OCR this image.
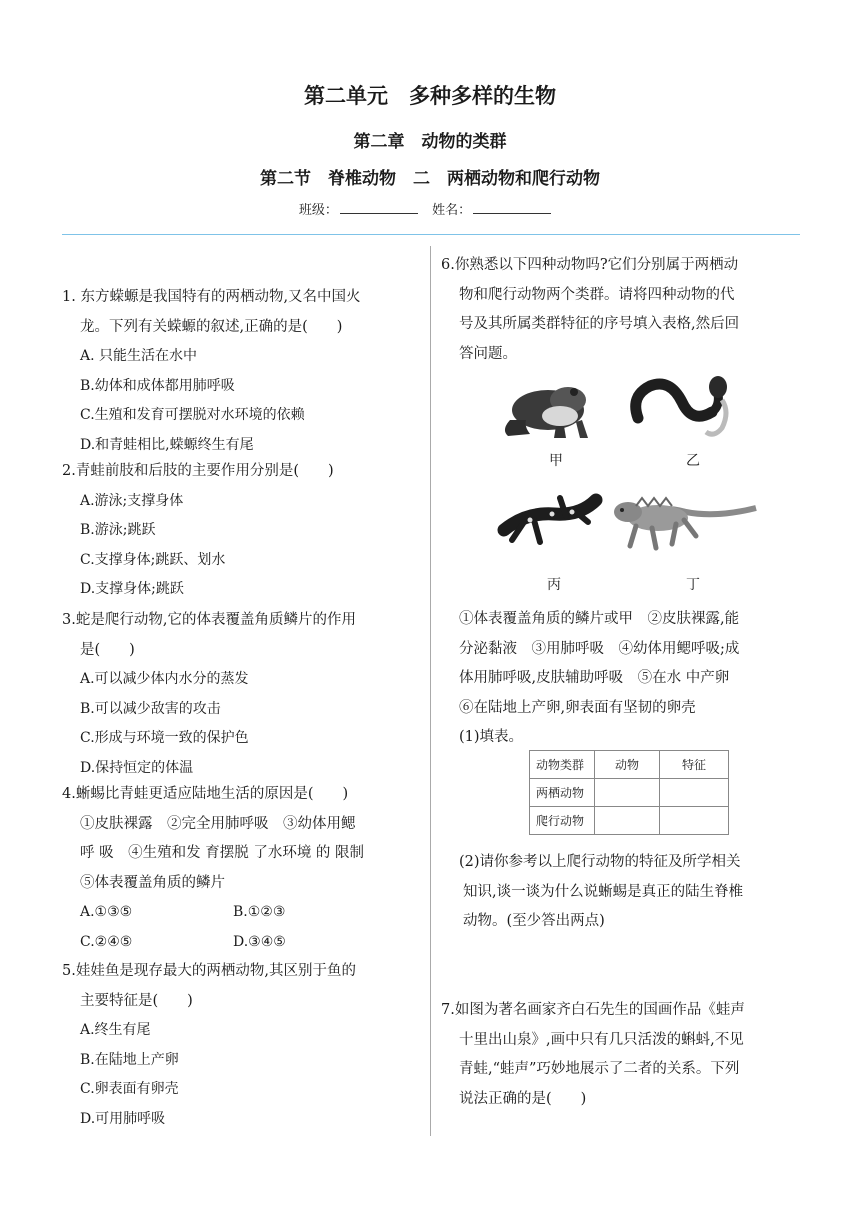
第二单元　多种多样的生物
第二章　动物的类群
第二节　脊椎动物　二　两栖动物和爬行动物
班级：	姓名：
1. 东方蝾螈是我国特有的两栖动物,又名中国火
龙。下列有关蝾螈的叙述,正确的是(　　)
A. 只能生活在水中
B.幼体和成体都用肺呼吸
C.生殖和发育可摆脱对水环境的依赖
D.和青蛙相比,蝾螈终生有尾
2.青蛙前肢和后肢的主要作用分别是(　　)
A.游泳;支撑身体
B.游泳;跳跃
C.支撑身体;跳跃、划水
D.支撑身体;跳跃
3.蛇是爬行动物,它的体表覆盖角质鳞片的作用
是(　　)
A.可以减少体内水分的蒸发
B.可以减少敌害的攻击
C.形成与环境一致的保护色
D.保持恒定的体温
4.蜥蜴比青蛙更适应陆地生活的原因是(　　)
①皮肤裸露　②完全用肺呼吸　③幼体用鳃
呼 吸　④生殖和发 育摆脱 了水环境 的 限制
⑤体表覆盖角质的鳞片
A.①③⑤	B.①②③
C.②④⑤	D.③④⑤
5.娃娃鱼是现存最大的两栖动物,其区别于鱼的
主要特征是(　　)
A.终生有尾
B.在陆地上产卵
C.卵表面有卵壳
D.可用肺呼吸
6.你熟悉以下四种动物吗?它们分别属于两栖动
物和爬行动物两个类群。请将四种动物的代
号及其所属类群特征的序号填入表格,然后回
答问题。
甲	乙
丙	丁
①体表覆盖角质的鳞片或甲　②皮肤裸露,能
分泌黏液　③用肺呼吸　④幼体用鳃呼吸;成
体用肺呼吸,皮肤辅助呼吸　⑤在水 中产卵
⑥在陆地上产卵,卵表面有坚韧的卵壳
(1)填表。
动物类群	动物	特征
两栖动物		
爬行动物		
(2)请你参考以上爬行动物的特征及所学相关
知识,谈一谈为什么说蜥蜴是真正的陆生脊椎
动物。(至少答出两点)
7.如图为著名画家齐白石先生的国画作品《蛙声
十里出山泉》,画中只有几只活泼的蝌蚪,不见
青蛙,“蛙声”巧妙地展示了二者的关系。下列
说法正确的是(　　)
